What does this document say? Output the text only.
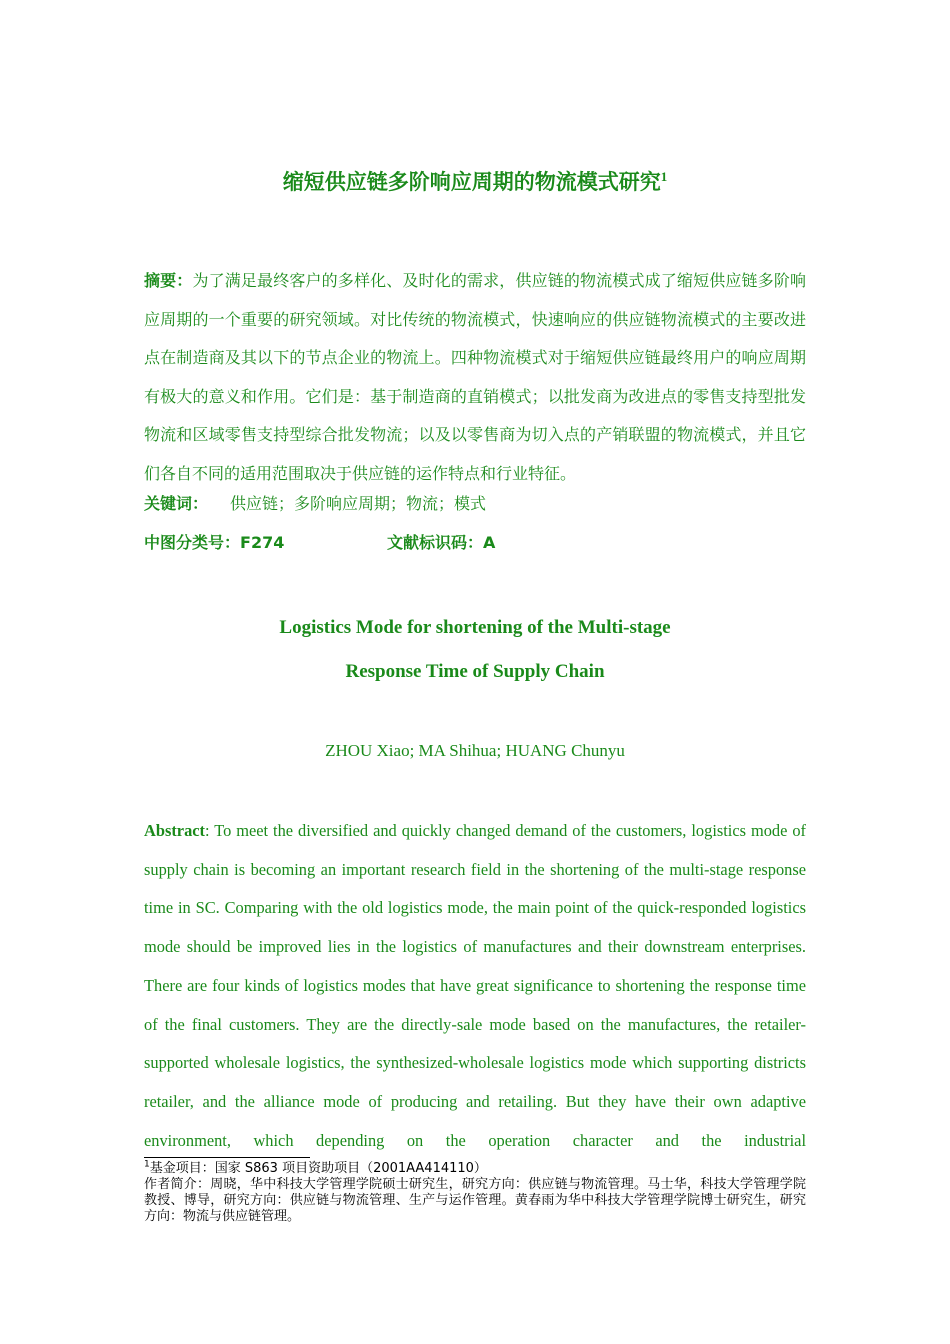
缩短供应链多阶响应周期的物流模式研究$^1$
摘要：为了满足最终客户的多样化、及时化的需求，供应链的物流模式成了缩短供应链多阶响应周期的一个重要的研究领域。对比传统的物流模式，快速响应的供应链物流模式的主要改进点在制造商及其以下的节点企业的物流上。四种物流模式对于缩短供应链最终用户的响应周期有极大的意义和作用。它们是：基于制造商的直销模式；以批发商为改进点的零售支持型批发物流和区域零售支持型综合批发物流；以及以零售商为切入点的产销联盟的物流模式，并且它们各自不同的适用范围取决于供应链的运作特点和行业特征。
关键词： 供应链；多阶响应周期；物流；模式
中图分类号：F274	文献标识码：A
Logistics Mode for shortening of the Multi-stage
Response Time of Supply Chain
ZHOU Xiao; MA Shihua; HUANG Chunyu
Abstract: To meet the diversified and quickly changed demand of the customers, logistics mode of supply chain is becoming an important research field in the shortening of the multi-stage response time in SC. Comparing with the old logistics mode, the main point of the quick-responded logistics mode should be improved lies in the logistics of manufactures and their downstream enterprises. There are four kinds of logistics modes that have great significance to shortening the response time of the final customers. They are the directly-sale mode based on the manufactures, the retailer-supported wholesale logistics, the synthesized-wholesale logistics mode which supporting districts retailer, and the alliance mode of producing and retailing. But they have their own adaptive environment, which depending on the operation character and the industrial

$^1$基金项目：国家 S863 项目资助项目（2001AA414110）

作者简介：周晓，华中科技大学管理学院硕士研究生，研究方向：供应链与物流管理。马士华，科技大学管理学院教授、博导，研究方向：供应链与物流管理、生产与运作管理。黄春雨为华中科技大学管理学院博士研究生，研究方向：物流与供应链管理。
